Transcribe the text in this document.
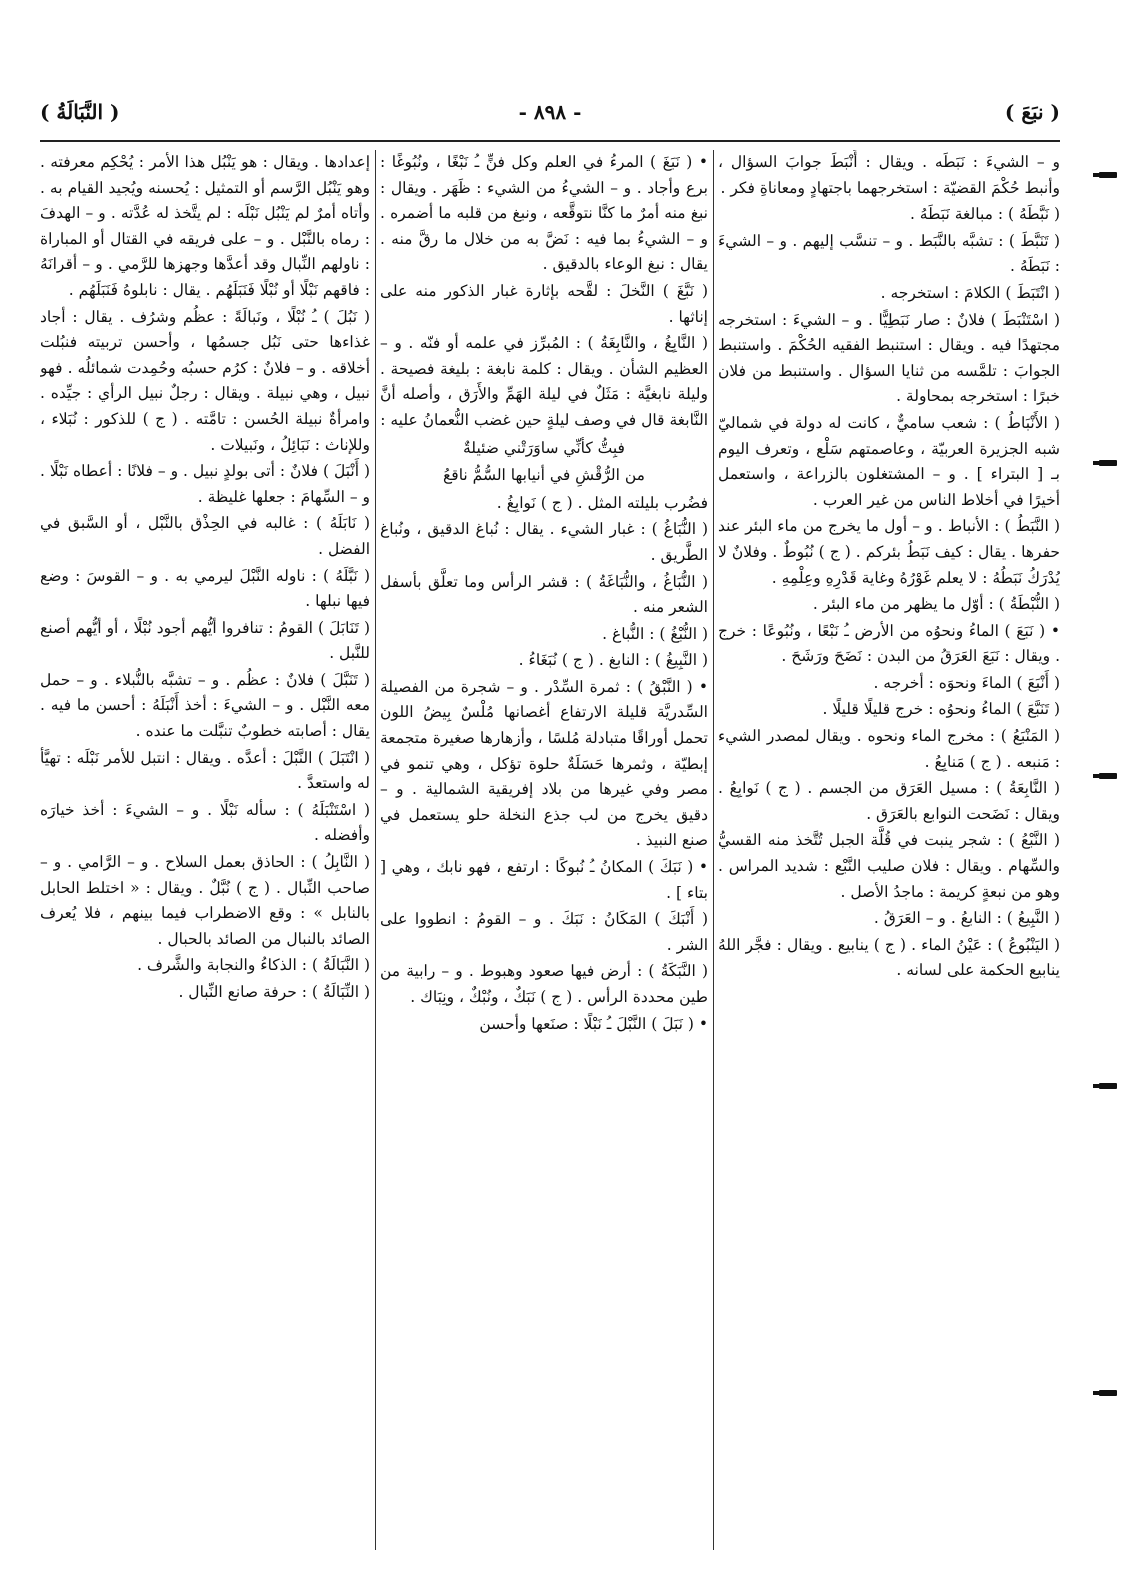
( نبَعَ )
- ٨٩٨ -
( النَّبَالَةُ )

و – الشيءَ : نَبَطَه . ويقال : أَنْبَطَ جوابَ السؤال ، وأنبط حُكْمَ القضيّة : استخرجهما باجتهادٍ ومعاناةِ فكر .

( نَبَّطَهُ ) : مبالغة نَبَطَهُ .

( تَنَبَّطَ ) : تشبَّه بالنَّبَط . و – تنسَّب إليهم . و – الشيءَ : نَبَطَهُ .

( انْتَبَطَ ) الكلامَ : استخرجه .

( اسْتَنْبَطَ ) فلانٌ : صار نَبَطِيًّا . و – الشيءَ : استخرجه مجتهدًا فيه . ويقال : استنبط الفقيه الحُكْمَ . واستنبط الجوابَ : تلمَّسه من ثنايا السؤال . واستنبط من فلان خبرًا : استخرجه بمحاولة .

( الأَنْبَاطُ ) : شعب ساميٌّ ، كانت له دولة في شماليّ شبه الجزيرة العربيّة ، وعاصمتهم سَلْع ، وتعرف اليوم بـ [ البتراء ] . و – المشتغلون بالزراعة ، واستعمل أخيرًا في أخلاط الناس من غير العرب .

( النَّبَطُ ) : الأنباط . و – أول ما يخرج من ماء البئر عند حفرها . يقال : كيف نَبَطُ بئركم . ( ج ) نُبُوطٌ . وفلانٌ لا يُدْرَكُ نَبَطُهُ : لا يعلم غَوْرُهُ وغاية قَدْرِهِ وعِلْمِهِ .

( النُّبْطَةُ ) : أوّل ما يظهر من ماء البئر .

• ( نَبَعَ ) الماءُ ونحوُه من الأرض ـُ نَبْعًا ، ونُبُوعًا : خرج . ويقال : نَبَعَ العَرَقُ من البدن : نَضَحَ ورَشَحَ .

( أَنْبَعَ ) الماءَ ونحوَه : أخرجه .

( تَنَبَّعَ ) الماءُ ونحوُه : خرج قليلًا قليلًا .

( المَنْبَعُ ) : مخرج الماء ونحوه . ويقال لمصدر الشيء : مَنبعه . ( ج ) مَنابِعُ .

( النَّابِعَةُ ) : مسيل العَرَق من الجسم . ( ج ) نَوابِعُ . ويقال : نَضَحت النوابع بالعَرَق .

( النَّبْعُ ) : شجر ينبت في قُلَّة الجبل تُتَّخذ منه القسيُّ والسِّهام . ويقال : فلان صليب النَّبْع : شديد المراس . وهو من نبعةٍ كريمة : ماجدُ الأصل .

( النَّبِيعُ ) : النابعُ . و – العَرَقُ .

( اليَنْبُوعُ ) : عَيْنُ الماء . ( ج ) ينابيع . ويقال : فجَّر اللهُ ينابيع الحكمة على لسانه .

• ( نَبَغَ ) المرءُ في العلم وكل فنٍّ ـُ نَبْغًا ، ونُبُوغًا : برع وأجاد . و – الشيءُ من الشيء : ظَهَر . ويقال : نبغ منه أمرٌ ما كنَّا نتوقَّعه ، ونبغ من قلبه ما أضمره . و – الشيءُ بما فيه : نَضَّ به من خلال ما رقَّ منه . يقال : نبغ الوعاء بالدقيق .

( نَبَّغَ ) النَّخلَ : لقَّحه بإثارة غبار الذكور منه على إناثها .

( النَّابِغُ ، والنَّابِغَةُ ) : المُبرِّز في علمه أو فنّه . و – العظيم الشأن . ويقال : كلمة نابغة : بليغة فصيحة . وليلة نابغيَّة : مَثَلٌ في ليلة الهَمِّ والأَرَق ، وأصله أنَّ النَّابغة قال في وصف ليلةٍ حين غضب النُّعمانُ عليه :

فبِتُّ كأنِّي ساوَرَتْني ضئيلةٌ

من الرُّقْشِ في أنيابها السُّمُّ ناقعُ

فضُرب بليلته المثل . ( ج ) نَوابِغُ .

( النُّبَاغُ ) : غبار الشيء . يقال : نُباغ الدقيق ، ونُباغ الطَّريق .

( النُّبَاغُ ، والنُّبَاغَةُ ) : قشر الرأس وما تعلَّق بأسفل الشعر منه .

( النُّبْغُ ) : النُّباغ .

( النَّبِيغُ ) : النابغ . ( ج ) نُبَغَاءُ .

• ( النَّبْقُ ) : ثمرة السِّدْر . و – شجرة من الفصيلة السِّدريَّة قليلة الارتفاع أغصانها مُلْسٌ بِيضُ اللون تحمل أوراقًا متبادلة مُلسًا ، وأزهارها صغيرة متجمعة إبطيّة ، وثمرها حَسَلَةٌ حلوة تؤكل ، وهي تنمو في مصر وفي غيرها من بلاد إفريقية الشمالية . و – دقيق يخرج من لب جذع النخلة حلو يستعمل في صنع النبيذ .

• ( نَبَكَ ) المكانُ ـُ نُبوكًا : ارتفع ، فهو نابك ، وهي [ بتاء ] .

( أَنْبَكَ ) المَكَانُ : نَبَكَ . و – القومُ : انطووا على الشر .

( النَّبَكَةُ ) : أرض فيها صعود وهبوط . و – رابية من طين محددة الرأس . ( ج ) نَبَكٌ ، ونُبْكٌ ، ونِبَاك .

• ( نَبَلَ ) النَّبْلَ ـُ نَبْلًا : صنَعها وأحسن

إعدادها . ويقال : هو يَنْبُل هذا الأمر : يُحْكِم معرفته . وهو يَنْبُل الرَّسم أو التمثيل : يُحسنه ويُجيد القيام به . وأتاه أمرٌ لم يَنْبُل نَبْلَه : لم يتَّخذ له عُدَّته . و – الهدفَ : رماه بالنَّبْل . و – على فريقه في القتال أو المباراة : ناولهم النِّبال وقد أعدَّها وجهزها للرَّمي . و – أقرانَهُ : فاقهم نَبْلًا أو نُبْلًا فَنَبَلَهُم . يقال : نابلوهُ فَنَبَلَهُم .

( نَبُلَ ) ـُ نُبْلًا ، ونَبالَةً : عظُم وشرُف . يقال : أجاد غذاءها حتى نَبُل جسمُها ، وأحسن تربيته فنبُلت أخلاقه . و – فلانٌ : كرُم حسبُه وحُمِدت شمائلُه . فهو نبيل ، وهي نبيلة . ويقال : رجلٌ نبيل الرأي : جيِّده . وامرأةٌ نبيلة الحُسن : تامَّته . ( ج ) للذكور : نُبَلاء ، وللإناث : نَبَائِلُ ، ونَبيلات .

( أَنْبَلَ ) فلانٌ : أتى بولدٍ نبيل . و – فلانًا : أعطاه نَبْلًا . و – السِّهامَ : جعلها غليظة .

( نَابَلَهُ ) : غالبه في الحِذْق بالنَّبْل ، أو السَّبق في الفضل .

( نَبَّلَهُ ) : ناوله النَّبْلَ ليرمي به . و – القوسَ : وضع فيها نبلها .

( تَنَابَلَ ) القومُ : تنافروا أيُّهم أجود نُبْلًا ، أو أيُّهم أصنع للنَّبل .

( تَنَبَّلَ ) فلانٌ : عظُم . و – تشبَّه بالنُّبلاء . و – حمل معه النَّبْل . و – الشيءَ : أخذ أَنْبَلَهُ : أحسن ما فيه . يقال : أصابته خطوبٌ تنبَّلت ما عنده .

( انْتَبَلَ ) النَّبْلَ : أعدَّه . ويقال : انتبل للأمر نَبْلَه : تهيَّأ له واستعدَّ .

( اسْتَنْبَلَهُ ) : سأله نَبْلًا . و – الشيءَ : أخذ خيارَه وأفضله .

( النَّابِلُ ) : الحاذق بعمل السلاح . و – الرَّامي . و – صاحب النِّبال . ( ج ) نُبَّلٌ . ويقال : « اختلط الحابل بالنابل » : وقع الاضطراب فيما بينهم ، فلا يُعرف الصائد بالنبال من الصائد بالحبال .

( النَّبَالَةُ ) : الذكاءُ والنجابة والشَّرف .

( النِّبَالَةُ ) : حرفة صانع النِّبال .
